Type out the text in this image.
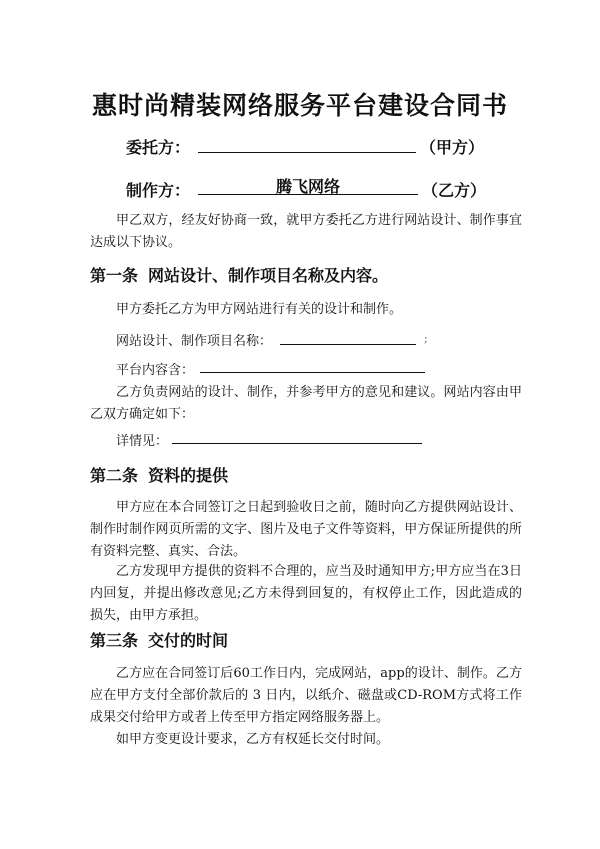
惠时尚精装网络服务平台建设合同书
委托方：	（甲方）
制作方：	腾飞网络	（乙方）
甲乙双方，经友好协商一致，就甲方委托乙方进行网站设计、制作事宜达成以下协议。
第一条 网站设计、制作项目名称及内容。
甲方委托乙方为甲方网站进行有关的设计和制作。
网站设计、制作项目名称：	;
平台内容含：
乙方负责网站的设计、制作，并参考甲方的意见和建议。网站内容由甲乙双方确定如下：
详情见：
第二条 资料的提供
甲方应在本合同签订之日起到验收日之前，随时向乙方提供网站设计、制作时制作网页所需的文字、图片及电子文件等资料，甲方保证所提供的所有资料完整、真实、合法。
乙方发现甲方提供的资料不合理的，应当及时通知甲方;甲方应当在3日内回复，并提出修改意见;乙方未得到回复的，有权停止工作，因此造成的损失，由甲方承担。
第三条 交付的时间
乙方应在合同签订后60工作日内，完成网站，app的设计、制作。乙方应在甲方支付全部价款后的 3 日内，以纸介、磁盘或CD-ROM方式将工作成果交付给甲方或者上传至甲方指定网络服务器上。
如甲方变更设计要求，乙方有权延长交付时间。
